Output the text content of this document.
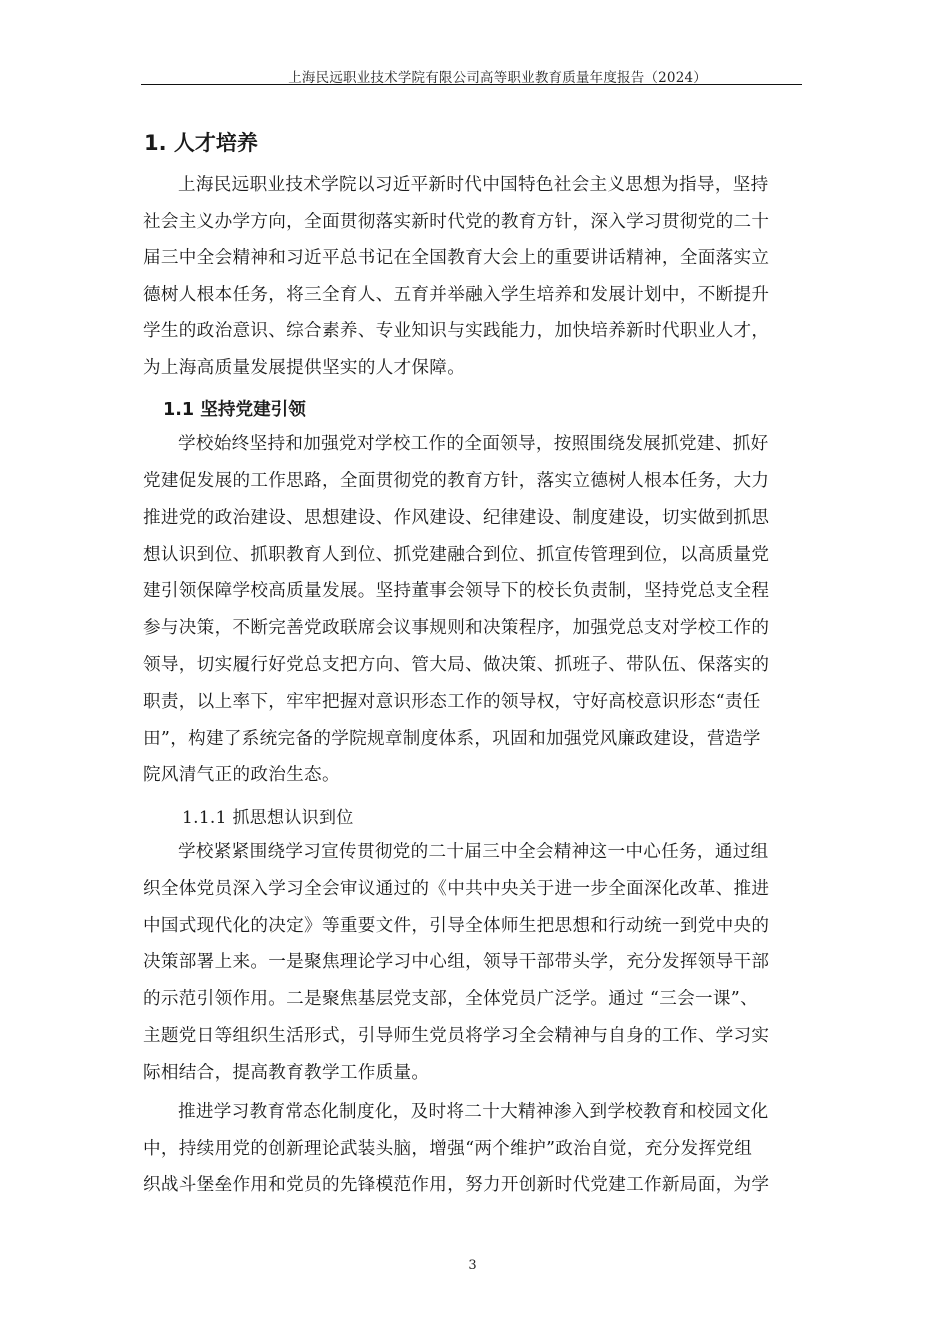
上海民远职业技术学院有限公司高等职业教育质量年度报告（2024）
1. 人才培养
上海民远职业技术学院以习近平新时代中国特色社会主义思想为指导，坚持
社会主义办学方向，全面贯彻落实新时代党的教育方针，深入学习贯彻党的二十
届三中全会精神和习近平总书记在全国教育大会上的重要讲话精神，全面落实立
德树人根本任务，将三全育人、五育并举融入学生培养和发展计划中，不断提升
学生的政治意识、综合素养、专业知识与实践能力，加快培养新时代职业人才，
为上海高质量发展提供坚实的人才保障。
1.1 坚持党建引领
学校始终坚持和加强党对学校工作的全面领导，按照围绕发展抓党建、抓好
党建促发展的工作思路，全面贯彻党的教育方针，落实立德树人根本任务，大力
推进党的政治建设、思想建设、作风建设、纪律建设、制度建设，切实做到抓思
想认识到位、抓职教育人到位、抓党建融合到位、抓宣传管理到位，以高质量党
建引领保障学校高质量发展。坚持董事会领导下的校长负责制，坚持党总支全程
参与决策，不断完善党政联席会议事规则和决策程序，加强党总支对学校工作的
领导，切实履行好党总支把方向、管大局、做决策、抓班子、带队伍、保落实的
职责，以上率下，牢牢把握对意识形态工作的领导权，守好高校意识形态“责任
田”，构建了系统完备的学院规章制度体系，巩固和加强党风廉政建设，营造学
院风清气正的政治生态。
1.1.1 抓思想认识到位
学校紧紧围绕学习宣传贯彻党的二十届三中全会精神这一中心任务，通过组
织全体党员深入学习全会审议通过的《中共中央关于进一步全面深化改革、推进
中国式现代化的决定》等重要文件，引导全体师生把思想和行动统一到党中央的
决策部署上来。一是聚焦理论学习中心组，领导干部带头学，充分发挥领导干部
的示范引领作用。二是聚焦基层党支部，全体党员广泛学。通过 “三会一课”、
主题党日等组织生活形式，引导师生党员将学习全会精神与自身的工作、学习实
际相结合，提高教育教学工作质量。
推进学习教育常态化制度化，及时将二十大精神渗入到学校教育和校园文化
中，持续用党的创新理论武装头脑，增强“两个维护”政治自觉，充分发挥党组
织战斗堡垒作用和党员的先锋模范作用，努力开创新时代党建工作新局面，为学
3
